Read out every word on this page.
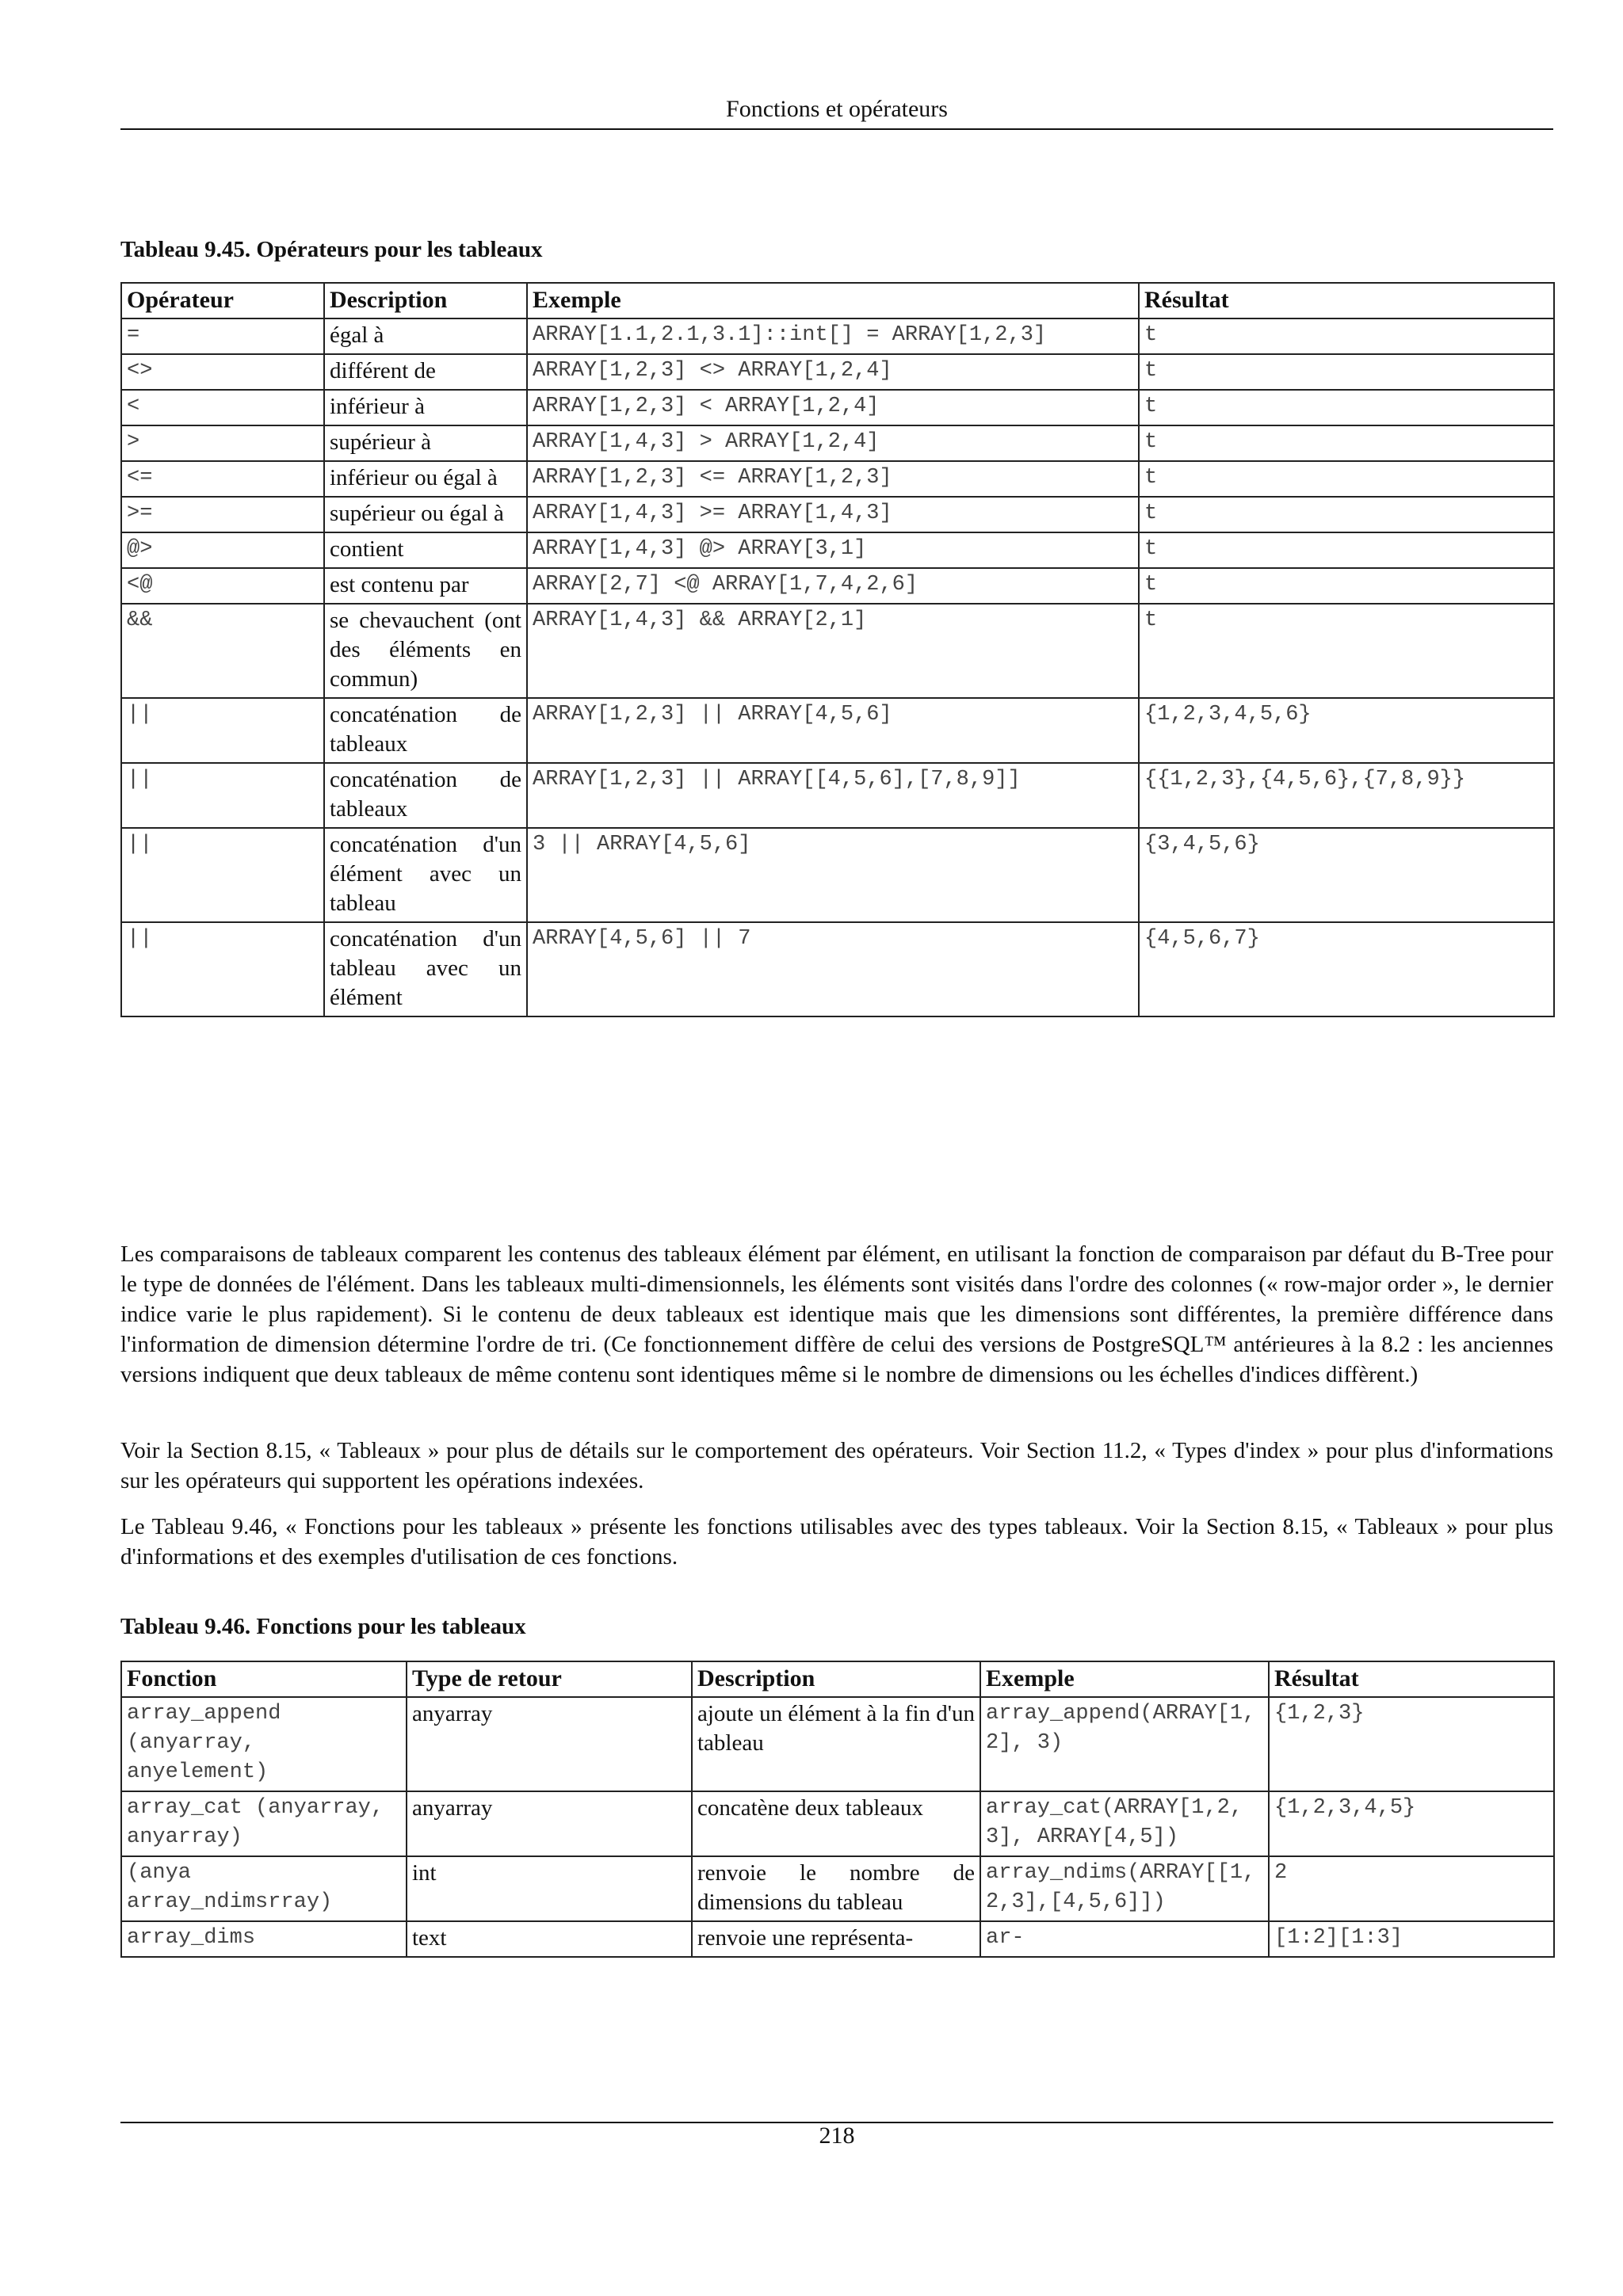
Fonctions et opérateurs
Tableau 9.45. Opérateurs pour les tableaux
Opérateur	Description	Exemple	Résultat
=	égal à	ARRAY[1.1,2.1,3.1]::int[] = ARRAY[1,2,3]	t
<>	différent de	ARRAY[1,2,3] <> ARRAY[1,2,4]	t
<	inférieur à	ARRAY[1,2,3] < ARRAY[1,2,4]	t
>	supérieur à	ARRAY[1,4,3] > ARRAY[1,2,4]	t
<=	inférieur ou égal à	ARRAY[1,2,3] <= ARRAY[1,2,3]	t
>=	supérieur ou égal à	ARRAY[1,4,3] >= ARRAY[1,4,3]	t
@>	contient	ARRAY[1,4,3] @> ARRAY[3,1]	t
<@	est contenu par	ARRAY[2,7] <@ ARRAY[1,7,4,2,6]	t
&&	se chevauchent (ont des éléments en commun)	ARRAY[1,4,3] && ARRAY[2,1]	t
||	concaténation de tableaux	ARRAY[1,2,3] || ARRAY[4,5,6]	{1,2,3,4,5,6}
||	concaténation de tableaux	ARRAY[1,2,3] || ARRAY[[4,5,6],[7,8,9]]	{{1,2,3},{4,5,6},{7,8,9}}
||	concaténation d'un élément avec un tableau	3 || ARRAY[4,5,6]	{3,4,5,6}
||	concaténation d'un tableau avec un élément	ARRAY[4,5,6] || 7	{4,5,6,7}

Les comparaisons de tableaux comparent les contenus des tableaux élément par élément, en utilisant la fonction de comparaison par défaut du B-Tree pour le type de données de l'élément. Dans les tableaux multi-dimensionnels, les éléments sont visités dans l'ordre des colonnes (« row-major order », le dernier indice varie le plus rapidement). Si le contenu de deux tableaux est identique mais que les dimensions sont différentes, la première différence dans l'information de dimension détermine l'ordre de tri. (Ce fonctionnement diffère de celui des versions de PostgreSQL™ antérieures à la 8.2 : les anciennes versions indiquent que deux tableaux de même contenu sont identiques même si le nombre de dimensions ou les échelles d'indices diffèrent.)

Voir la Section 8.15, « Tableaux » pour plus de détails sur le comportement des opérateurs. Voir Section 11.2, « Types d'index » pour plus d'informations sur les opérateurs qui supportent les opérations indexées.

Le Tableau 9.46, « Fonctions pour les tableaux » présente les fonctions utilisables avec des types tableaux. Voir la Section 8.15, « Tableaux » pour plus d'informations et des exemples d'utilisation de ces fonctions.

Tableau 9.46. Fonctions pour les tableaux
Fonction	Type de retour	Description	Exemple	Résultat
array_append (anyarray, anyelement)	anyarray	ajoute un élément à la fin d'un tableau	array_append(ARRAY[1,2], 3)	{1,2,3}
array_cat (anyarray, anyarray)	anyarray	concatène deux tableaux	array_cat(ARRAY[1,2,3], ARRAY[4,5])	{1,2,3,4,5}
(anya array_ndimsrray)	int	renvoie le nombre de dimensions du tableau	array_ndims(ARRAY[[1,2,3],[4,5,6]])	2
array_dims	text	renvoie une représenta-	ar-	[1:2][1:3]
218
